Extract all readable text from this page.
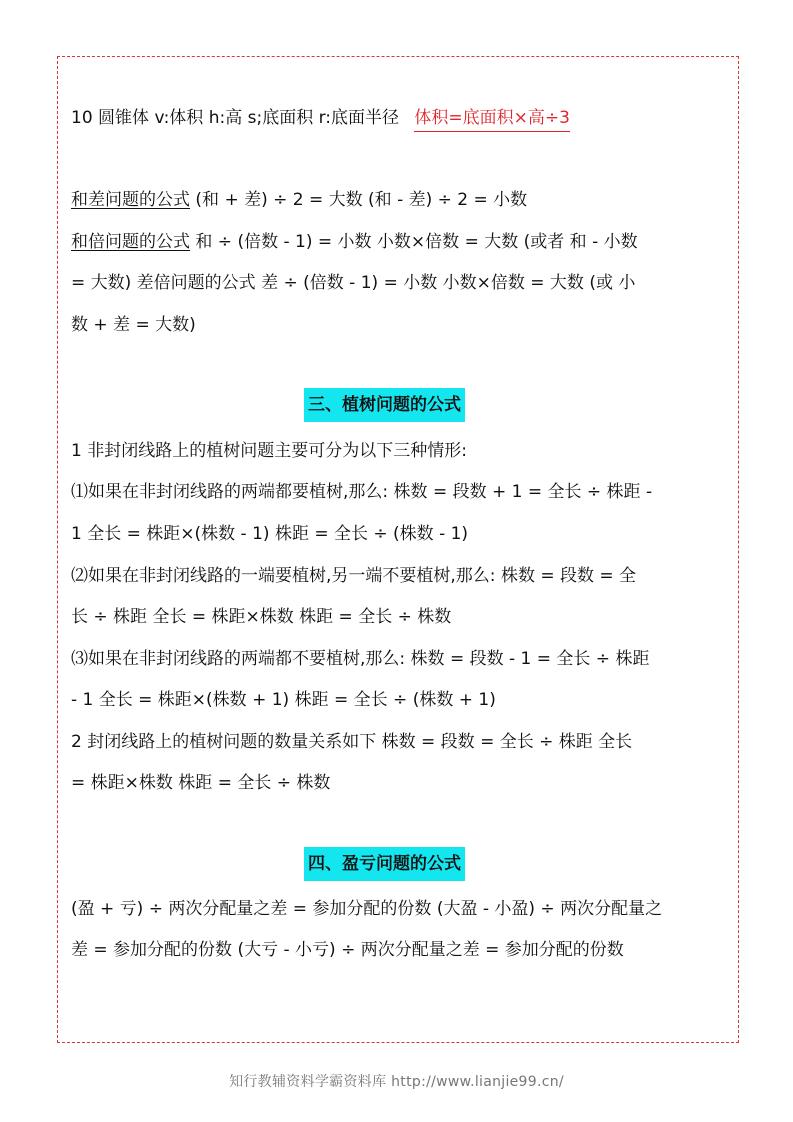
10 圆锥体 v:体积 h:高 s;底面积 r:底面半径 体积=底面积×高÷3
和差问题的公式 (和 + 差) ÷ 2 = 大数 (和 - 差) ÷ 2 = 小数
和倍问题的公式 和 ÷ (倍数 - 1) = 小数 小数×倍数 = 大数 (或者 和 - 小数
= 大数) 差倍问题的公式 差 ÷ (倍数 - 1) = 小数 小数×倍数 = 大数 (或 小
数 + 差 = 大数)
三、植树问题的公式
1 非封闭线路上的植树问题主要可分为以下三种情形:
⑴如果在非封闭线路的两端都要植树,那么: 株数 = 段数 + 1 = 全长 ÷ 株距 -
1 全长 = 株距×(株数 - 1) 株距 = 全长 ÷ (株数 - 1)
⑵如果在非封闭线路的一端要植树,另一端不要植树,那么: 株数 = 段数 = 全
长 ÷ 株距 全长 = 株距×株数 株距 = 全长 ÷ 株数
⑶如果在非封闭线路的两端都不要植树,那么: 株数 = 段数 - 1 = 全长 ÷ 株距
- 1 全长 = 株距×(株数 + 1) 株距 = 全长 ÷ (株数 + 1)
2 封闭线路上的植树问题的数量关系如下 株数 = 段数 = 全长 ÷ 株距 全长
= 株距×株数 株距 = 全长 ÷ 株数
四、盈亏问题的公式
(盈 + 亏) ÷ 两次分配量之差 = 参加分配的份数 (大盈 - 小盈) ÷ 两次分配量之
差 = 参加分配的份数 (大亏 - 小亏) ÷ 两次分配量之差 = 参加分配的份数
知行教辅资料学霸资料库 http://www.lianjie99.cn/
